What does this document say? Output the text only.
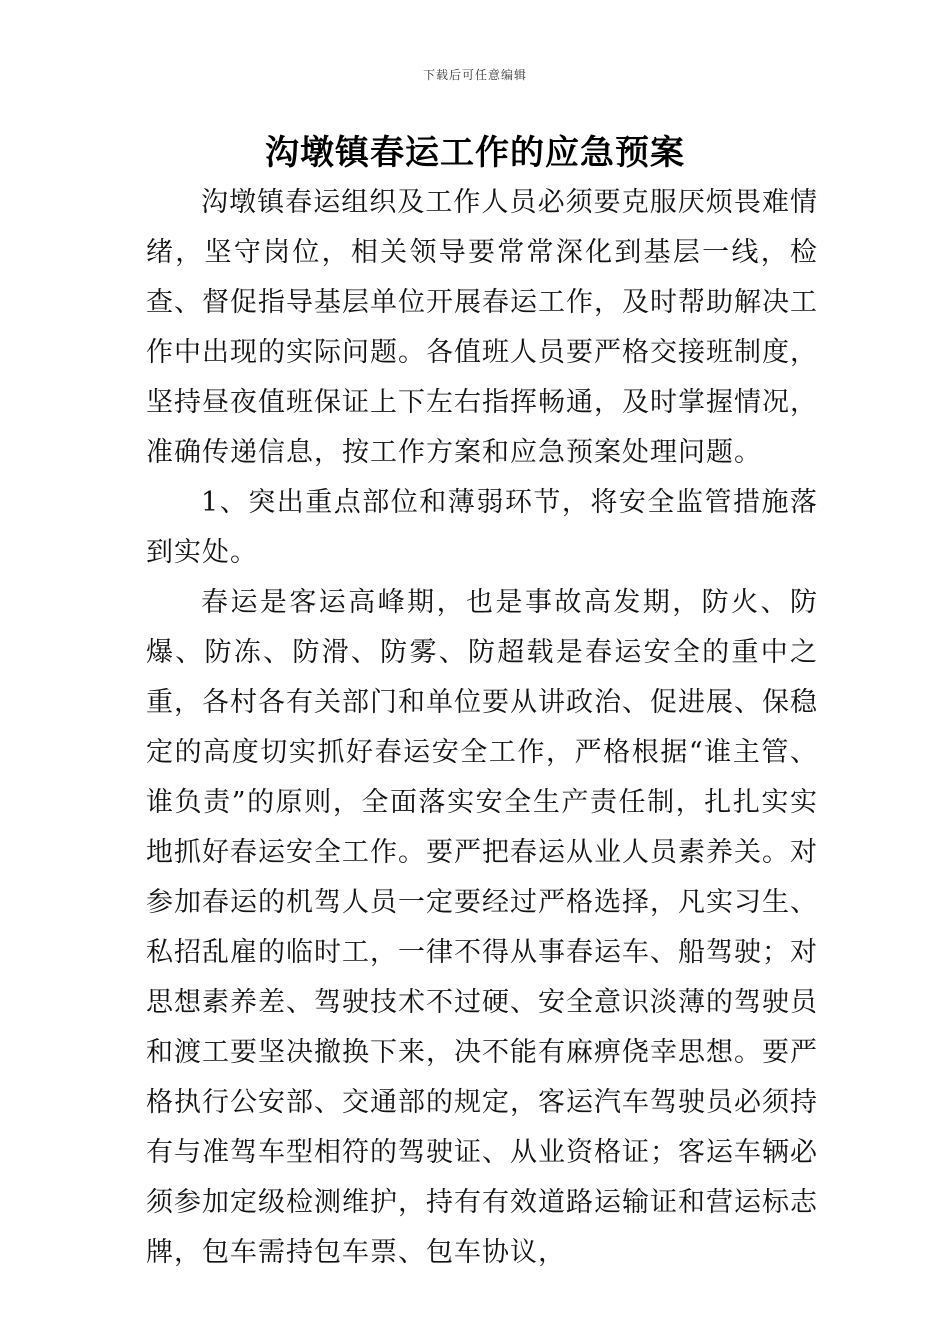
下载后可任意编辑
沟墩镇春运工作的应急预案

沟墩镇春运组织及工作人员必须要克服厌烦畏难情绪，坚守岗位，相关领导要常常深化到基层一线，检查、督促指导基层单位开展春运工作，及时帮助解决工作中出现的实际问题。各值班人员要严格交接班制度，坚持昼夜值班保证上下左右指挥畅通，及时掌握情况，准确传递信息，按工作方案和应急预案处理问题。

1、突出重点部位和薄弱环节，将安全监管措施落到实处。

春运是客运高峰期，也是事故高发期，防火、防爆、防冻、防滑、防雾、防超载是春运安全的重中之重，各村各有关部门和单位要从讲政治、促进展、保稳定的高度切实抓好春运安全工作，严格根据“谁主管、谁负责”的原则，全面落实安全生产责任制，扎扎实实地抓好春运安全工作。要严把春运从业人员素养关。对参加春运的机驾人员一定要经过严格选择，凡实习生、私招乱雇的临时工，一律不得从事春运车、船驾驶；对思想素养差、驾驶技术不过硬、安全意识淡薄的驾驶员和渡工要坚决撤换下来，决不能有麻痹侥幸思想。要严格执行公安部、交通部的规定，客运汽车驾驶员必须持有与准驾车型相符的驾驶证、从业资格证；客运车辆必须参加定级检测维护，持有有效道路运输证和营运标志牌，包车需持包车票、包车协议，
